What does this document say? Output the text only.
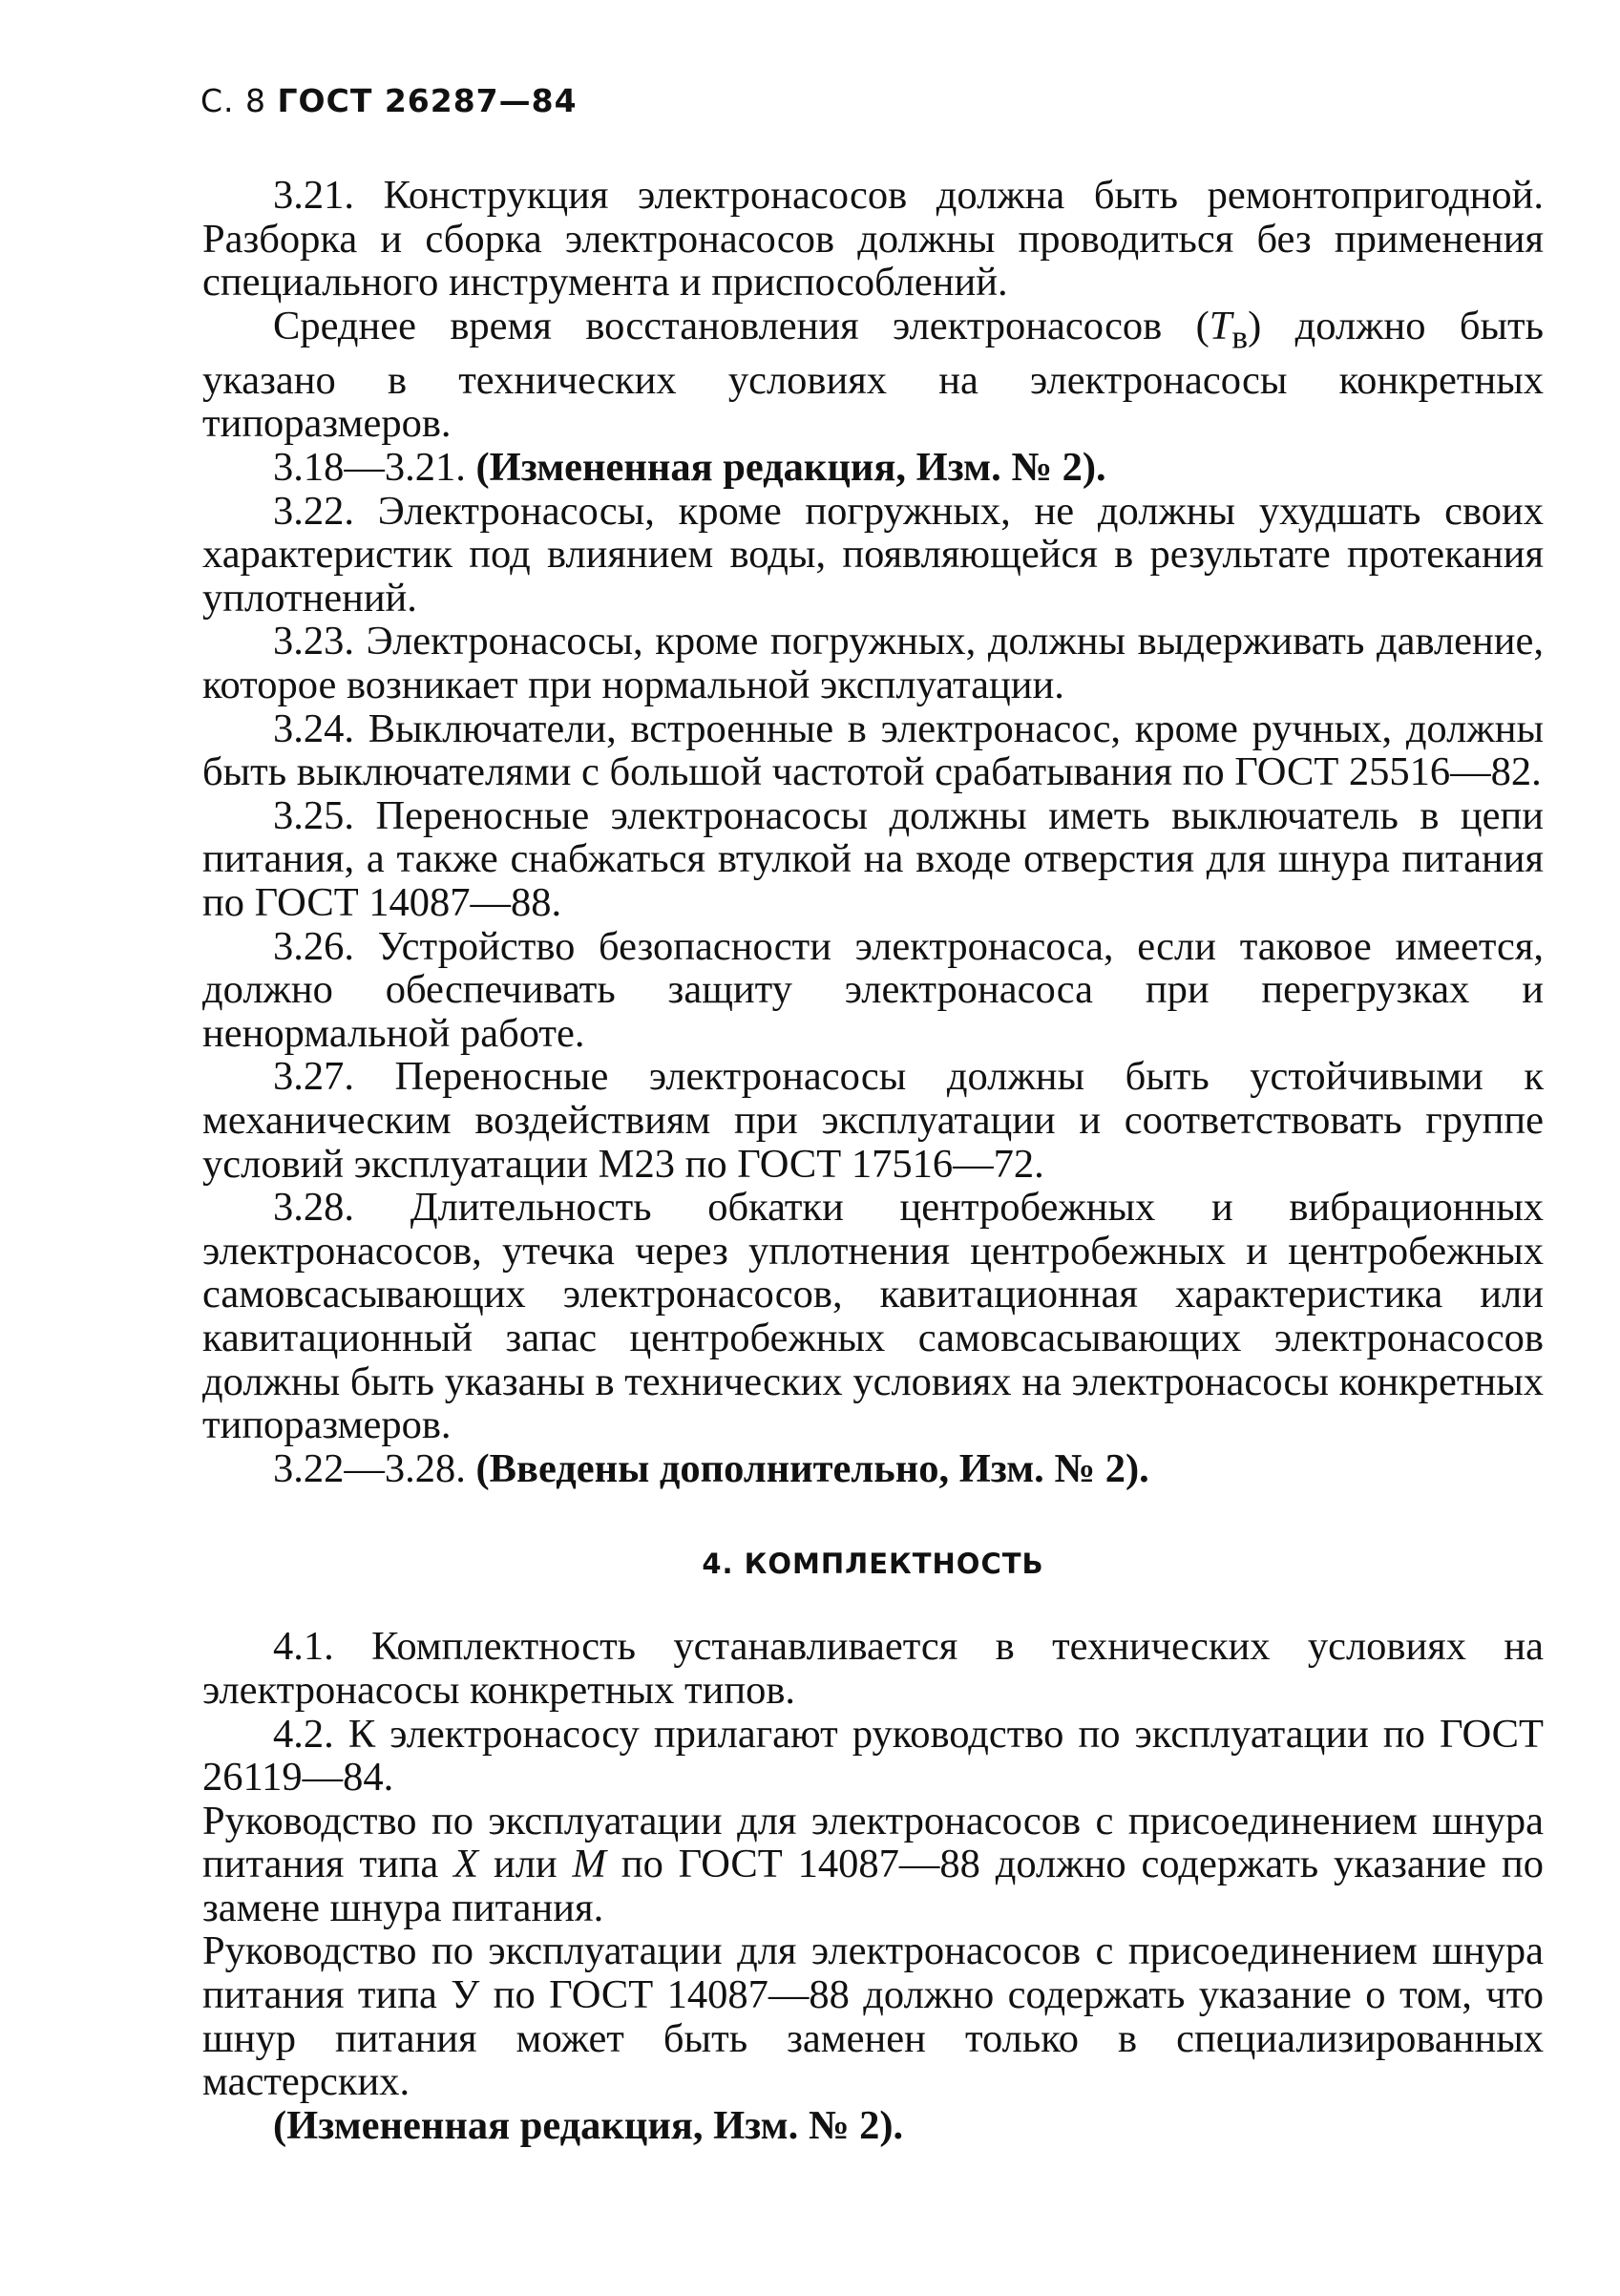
С. 8 ГОСТ 26287—84

3.21. Конструкция электронасосов должна быть ремонтопригодной. Разборка и сборка электронасосов должны проводиться без применения специального инструмента и приспособлений.

Среднее время восстановления электронасосов $(Т_в)$ должно быть указано в технических условиях на электронасосы конкретных типоразмеров.

3.18—3.21. (Измененная редакция, Изм. № 2).

3.22. Электронасосы, кроме погружных, не должны ухудшать своих характеристик под влиянием воды, появляющейся в результате протекания уплотнений.

3.23. Электронасосы, кроме погружных, должны выдерживать давление, которое возникает при нормальной эксплуатации.

3.24. Выключатели, встроенные в электронасос, кроме ручных, должны быть выключателями с большой частотой срабатывания по ГОСТ 25516—82.

3.25. Переносные электронасосы должны иметь выключатель в цепи питания, а также снабжаться втулкой на входе отверстия для шнура питания по ГОСТ 14087—88.

3.26. Устройство безопасности электронасоса, если таковое имеется, должно обеспечивать защиту электронасоса при перегрузках и ненормальной работе.

3.27. Переносные электронасосы должны быть устойчивыми к механическим воздействиям при эксплуатации и соответствовать группе условий эксплуатации М23 по ГОСТ 17516—72.

3.28. Длительность обкатки центробежных и вибрационных электронасосов, утечка через уплотнения центробежных и центробежных самовсасывающих электронасосов, кавитационная характеристика или кавитационный запас центробежных самовсасывающих электронасосов должны быть указаны в технических условиях на электронасосы конкретных типоразмеров.

3.22—3.28. (Введены дополнительно, Изм. № 2).

4. КОМПЛЕКТНОСТЬ

4.1. Комплектность устанавливается в технических условиях на электронасосы конкретных типов.

4.2. К электронасосу прилагают руководство по эксплуатации по ГОСТ 26119—84.

Руководство по эксплуатации для электронасосов с присоединением шнура питания типа X или M по ГОСТ 14087—88 должно содержать указание по замене шнура питания.

Руководство по эксплуатации для электронасосов с присоединением шнура питания типа У по ГОСТ 14087—88 должно содержать указание о том, что шнур питания может быть заменен только в специализированных мастерских.

(Измененная редакция, Изм. № 2).
